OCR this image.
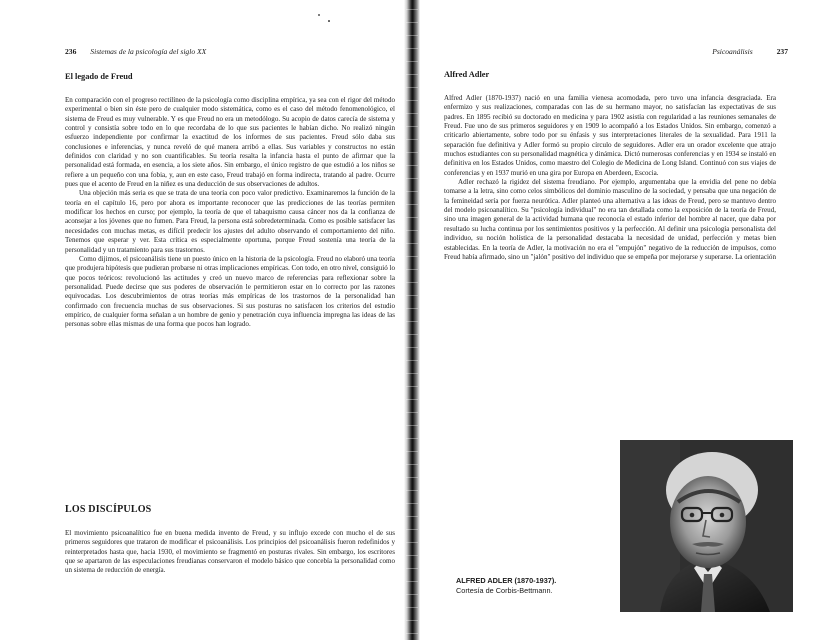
236 Sistemas de la psicología del siglo XX
El legado de Freud

En comparación con el progreso rectilíneo de la psicología como disciplina empírica, ya sea con el rigor del método experimental o bien sin éste pero de cualquier modo sistemática, como es el caso del método fenomenológico, el sistema de Freud es muy vulnerable. Y es que Freud no era un metodólogo. Su acopio de datos carecía de sistema y control y consistía sobre todo en lo que recordaba de lo que sus pacientes le habían dicho. No realizó ningún esfuerzo independiente por confirmar la exactitud de los informes de sus pacientes. Freud sólo daba sus conclusiones e inferencias, y nunca reveló de qué manera arribó a ellas. Sus variables y constructos no están definidos con claridad y no son cuantificables. Su teoría resalta la infancia hasta el punto de afirmar que la personalidad está formada, en esencia, a los siete años. Sin embargo, el único registro de que estudió a los niños se refiere a un pequeño con una fobia, y, aun en este caso, Freud trabajó en forma indirecta, tratando al padre. Ocurre pues que el acento de Freud en la niñez es una deducción de sus observaciones de adultos.

Una objeción más seria es que se trata de una teoría con poco valor predictivo. Examinaremos la función de la teoría en el capítulo 16, pero por ahora es importante reconocer que las predicciones de las teorías permiten modificar los hechos en curso; por ejemplo, la teoría de que el tabaquismo causa cáncer nos da la confianza de aconsejar a los jóvenes que no fumen. Para Freud, la persona está sobredeterminada. Como es posible satisfacer las necesidades con muchas metas, es difícil predecir los ajustes del adulto observando el comportamiento del niño. Tenemos que esperar y ver. Esta crítica es especialmente oportuna, porque Freud sostenía una teoría de la personalidad y un tratamiento para sus trastornos.

Como dijimos, el psicoanálisis tiene un puesto único en la historia de la psicología. Freud no elaboró una teoría que produjera hipótesis que pudieran probarse ni otras implicaciones empíricas. Con todo, en otro nivel, consiguió lo que pocos teóricos: revolucionó las actitudes y creó un nuevo marco de referencias para reflexionar sobre la personalidad. Puede decirse que sus poderes de observación le permitieron estar en lo correcto por las razones equivocadas. Los descubrimientos de otras teorías más empíricas de los trastornos de la personalidad han confirmado con frecuencia muchas de sus observaciones. Si sus posturas no satisfacen los criterios del estudio empírico, de cualquier forma señalan a un hombre de genio y penetración cuya influencia impregna las ideas de las personas sobre ellas mismas de una forma que pocos han logrado.

LOS DISCÍPULOS

El movimiento psicoanalítico fue en buena medida invento de Freud, y su influjo excede con mucho el de sus primeros seguidores que trataron de modificar el psicoanálisis. Los principios del psicoanálisis fueron redefinidos y reinterpretados hasta que, hacia 1930, el movimiento se fragmentó en posturas rivales. Sin embargo, los escritores que se apartaron de las especulaciones freudianas conservaron el modelo básico que concebía la personalidad como un sistema de reducción de energía.

Psicoanálisis	237
Alfred Adler

Alfred Adler (1870-1937) nació en una familia vienesa acomodada, pero tuvo una infancia desgraciada. Era enfermizo y sus realizaciones, comparadas con las de su hermano mayor, no satisfacían las expectativas de sus padres. En 1895 recibió su doctorado en medicina y para 1902 asistía con regularidad a las reuniones semanales de Freud. Fue uno de sus primeros seguidores y en 1909 lo acompañó a los Estados Unidos. Sin embargo, comenzó a criticarlo abiertamente, sobre todo por su énfasis y sus interpretaciones literales de la sexualidad. Para 1911 la separación fue definitiva y Adler formó su propio círculo de seguidores. Adler era un orador excelente que atrajo muchos estudiantes con su personalidad magnética y dinámica. Dictó numerosas conferencias y en 1934 se instaló en definitiva en los Estados Unidos, como maestro del Colegio de Medicina de Long Island. Continuó con sus viajes de conferencias y en 1937 murió en una gira por Europa en Aberdeen, Escocia.

Adler rechazó la rigidez del sistema freudiano. Por ejemplo, argumentaba que la envidia del pene no debía tomarse a la letra, sino como celos simbólicos del dominio masculino de la sociedad, y pensaba que una negación de la femineidad sería por fuerza neurótica. Adler planteó una alternativa a las ideas de Freud, pero se mantuvo dentro del modelo psicoanalítico. Su "psicología individual" no era tan detallada como la exposición de la teoría de Freud, sino una imagen general de la actividad humana que reconocía el estado inferior del hombre al nacer, que daba por resultado su lucha continua por los sentimientos positivos y la perfección. Al definir una psicología personalista del individuo, su noción holística de la personalidad destacaba la necesidad de unidad, perfección y metas bien establecidas. En la teoría de Adler, la motivación no era el "empujón" negativo de la reducción de impulsos, como Freud había afirmado, sino un "jalón" positivo del individuo que se empeña por mejorarse y superarse. La orientación

ALFRED ADLER (1870-1937).
Cortesía de Corbis-Bettmann.
